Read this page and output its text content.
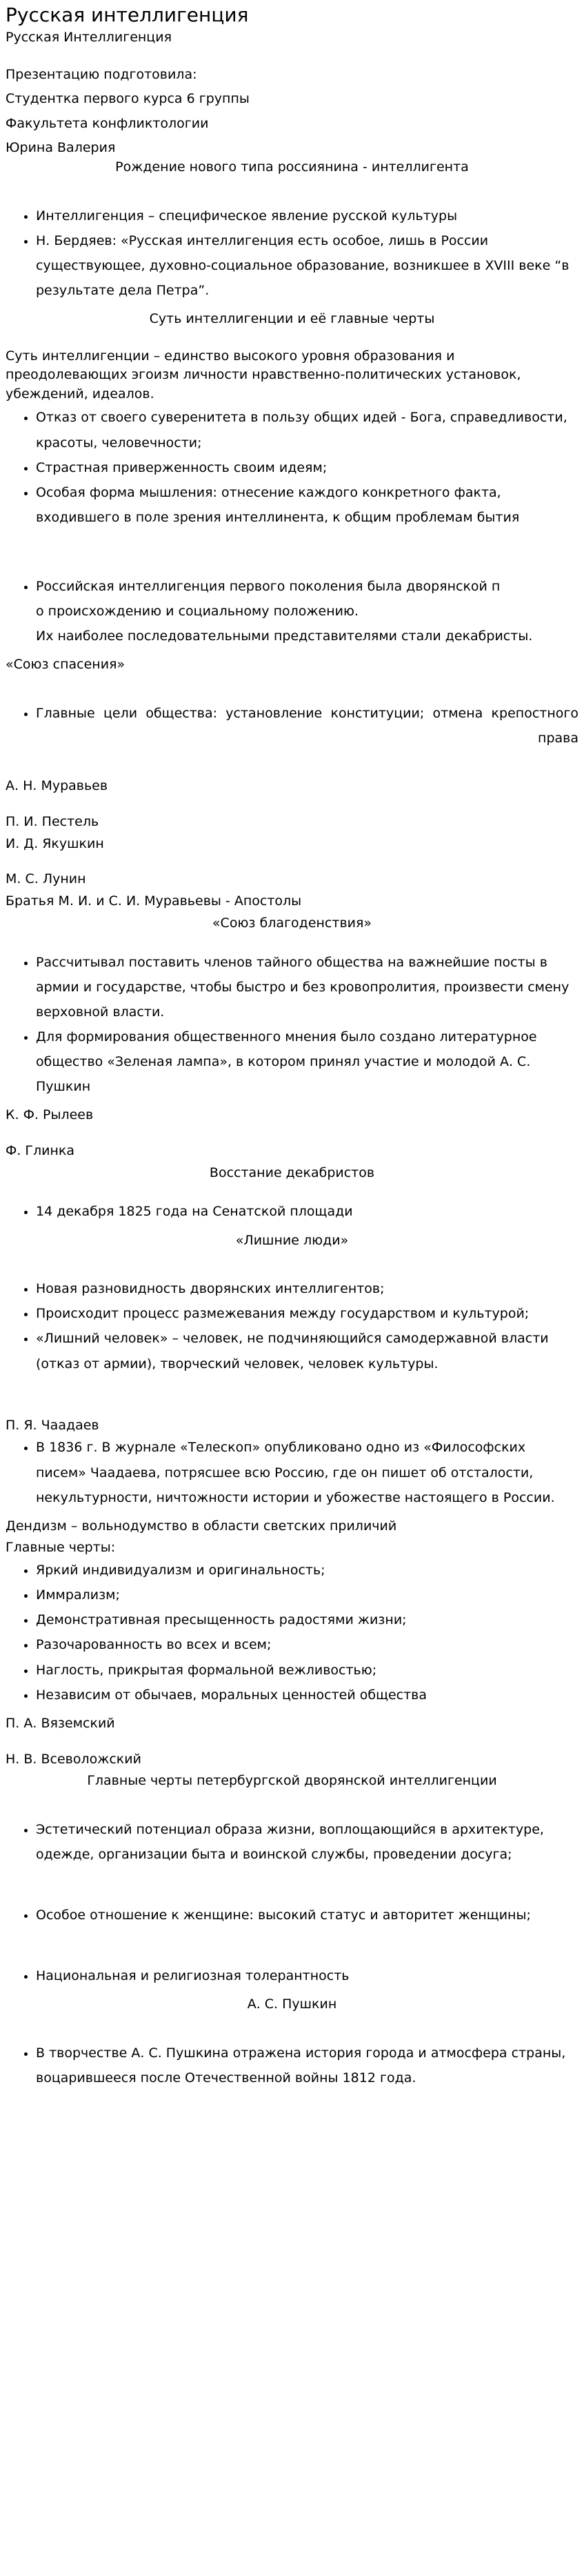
Русская интеллигенция

Русская Интеллигенция

Презентацию подготовила:

Студентка первого курса 6 группы

Факультета конфликтологии

Юрина Валерия

Рождение нового типа россиянина - интеллигента

• Интеллигенция – специфическое явление русской культуры
• Н. Бердяев: «Русская интеллигенция есть особое, лишь в России существующее, духовно-социальное образование, возникшее в XVIII веке “в результате дела Петра”.

Суть интеллигенции и её главные черты

Суть интеллигенции – единство высокого уровня образования и преодолевающих эгоизм личности нравственно-политических установок, убеждений, идеалов.

• Отказ от своего суверенитета в пользу общих идей - Бога, справедливости, красоты, человечности;
• Страстная приверженность своим идеям;
• Особая форма мышления: отнесение каждого конкретного факта, входившего в поле зрения интеллинента, к общим проблемам бытия
• Российская интеллигенция первого поколения была дворянской п
о происхождению и социальному положению.
Их наиболее последовательными представителями стали декабристы.

«Союз спасения»

• Главные цели общества: установление конституции; отмена крепостного права

А. Н. Муравьев

П. И. Пестель

И. Д. Якушкин

М. С. Лунин

Братья М. И. и С. И. Муравьевы - Апостолы

«Союз благоденствия»

• Рассчитывал поставить членов тайного общества на важнейшие посты в армии и государстве, чтобы быстро и без кровопролития, произвести смену верховной власти.
• Для формирования общественного мнения было создано литературное общество «Зеленая лампа», в котором принял участие и молодой А. С. Пушкин

К. Ф. Рылеев

Ф. Глинка

Восстание декабристов

• 14 декабря 1825 года на Сенатской площади

«Лишние люди»

• Новая разновидность дворянских интеллигентов;
• Происходит процесс размежевания между государством и культурой;
• «Лишний человек» – человек, не подчиняющийся самодержавной власти (отказ от армии), творческий человек, человек культуры.

П. Я. Чаадаев

• В 1836 г. В журнале «Телескоп» опубликовано одно из «Философских писем» Чаадаева, потрясшее всю Россию, где он пишет об отсталости, некультурности, ничтожности истории и убожестве настоящего в России.

Дендизм – вольнодумство в области светских приличий

Главные черты:

• Яркий индивидуализм и оригинальность;
• Иммрализм;
• Демонстративная пресыщенность радостями жизни;
• Разочарованность во всех и всем;
• Наглость, прикрытая формальной вежливостью;
• Независим от обычаев, моральных ценностей общества

П. А. Вяземский

Н. В. Всеволожский

Главные черты петербургской дворянской интеллигенции

• Эстетический потенциал образа жизни, воплощающийся в архитектуре, одежде, организации быта и воинской службы, проведении досуга;
• Особое отношение к женщине: высокий статус и авторитет женщины;
• Национальная и религиозная толерантность

А. С. Пушкин

• В творчестве А. С. Пушкина отражена история города и атмосфера страны, воцарившееся после Отечественной войны 1812 года.
